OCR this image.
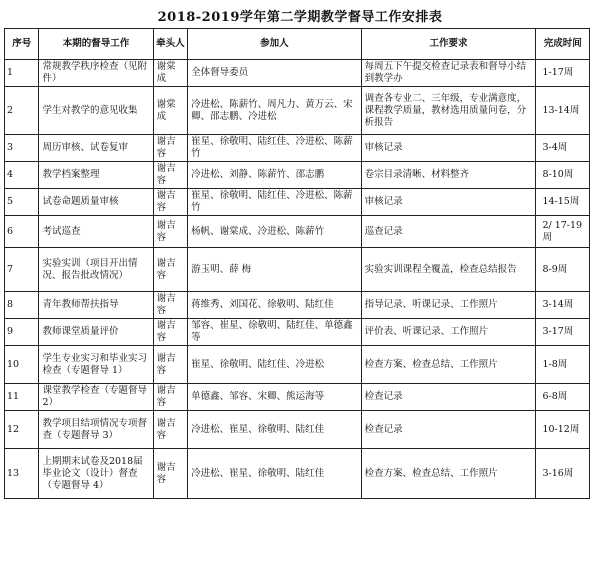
2018-2019学年第二学期教学督导工作安排表
序号	本期的督导工作	牵头人	参加人	工作要求	完成时间
1	常规教学秩序检查（见附件）	谢棠成	全体督导委员	每周五下午提交检查记录表和督导小结到教学办	1-17周
2	学生对教学的意见收集	谢棠成	冷进松、陈薪竹、周凡力、黄万云、宋卿、邵志鹏、冷进松	调查各专业二、三年级，专业满意度，课程教学质量，教材选用质量问卷，分析报告	13-14周
3	周历审核、试卷复审	谢吉容	崔星、徐敬明、陆红佳、冷进松、陈薪竹	审核记录	3-4周
4	教学档案整理	谢吉容	冷进松、刘静、陈薪竹、邵志鹏	卷宗目录清晰、材料整齐	8-10周
5	试卷命题质量审核	谢吉容	崔星、徐敬明、陆红佳、冷进松、陈薪竹	审核记录	14-15周
6	考试巡查	谢吉容	杨帆、谢棠成、冷进松、陈薪竹	巡查记录	2/ 17-19周
7	实验实训（项目开出情况、报告批改情况）	谢吉容	游玉明、薛 梅	实验实训课程全覆盖，检查总结报告	8-9周
8	青年教师帮扶指导	谢吉容	蒋维秀、刘国花、徐敬明、陆红佳	指导记录、听课记录、工作照片	3-14周
9	教师课堂质量评价	谢吉容	邹容、崔星、徐敬明、陆红佳、单德鑫等	评价表、听课记录、工作照片	3-17周
10	学生专业实习和毕业实习检查（专题督导 1）	谢吉容	崔星、徐敬明、陆红佳、冷进松	检查方案、检查总结、工作照片	1-8周
11	课堂教学检查（专题督导 2）	谢吉容	单德鑫、邹容、宋卿、熊运海等	检查记录	6-8周
12	教学项目结项情况专项督查（专题督导 3）	谢吉容	冷进松、崔星、徐敬明、陆红佳	检查记录	10-12周
13	上期期末试卷及2018届毕业论文（设计）督查（专题督导 4）	谢吉容	冷进松、崔星、徐敬明、陆红佳	检查方案、检查总结、工作照片	3-16周
